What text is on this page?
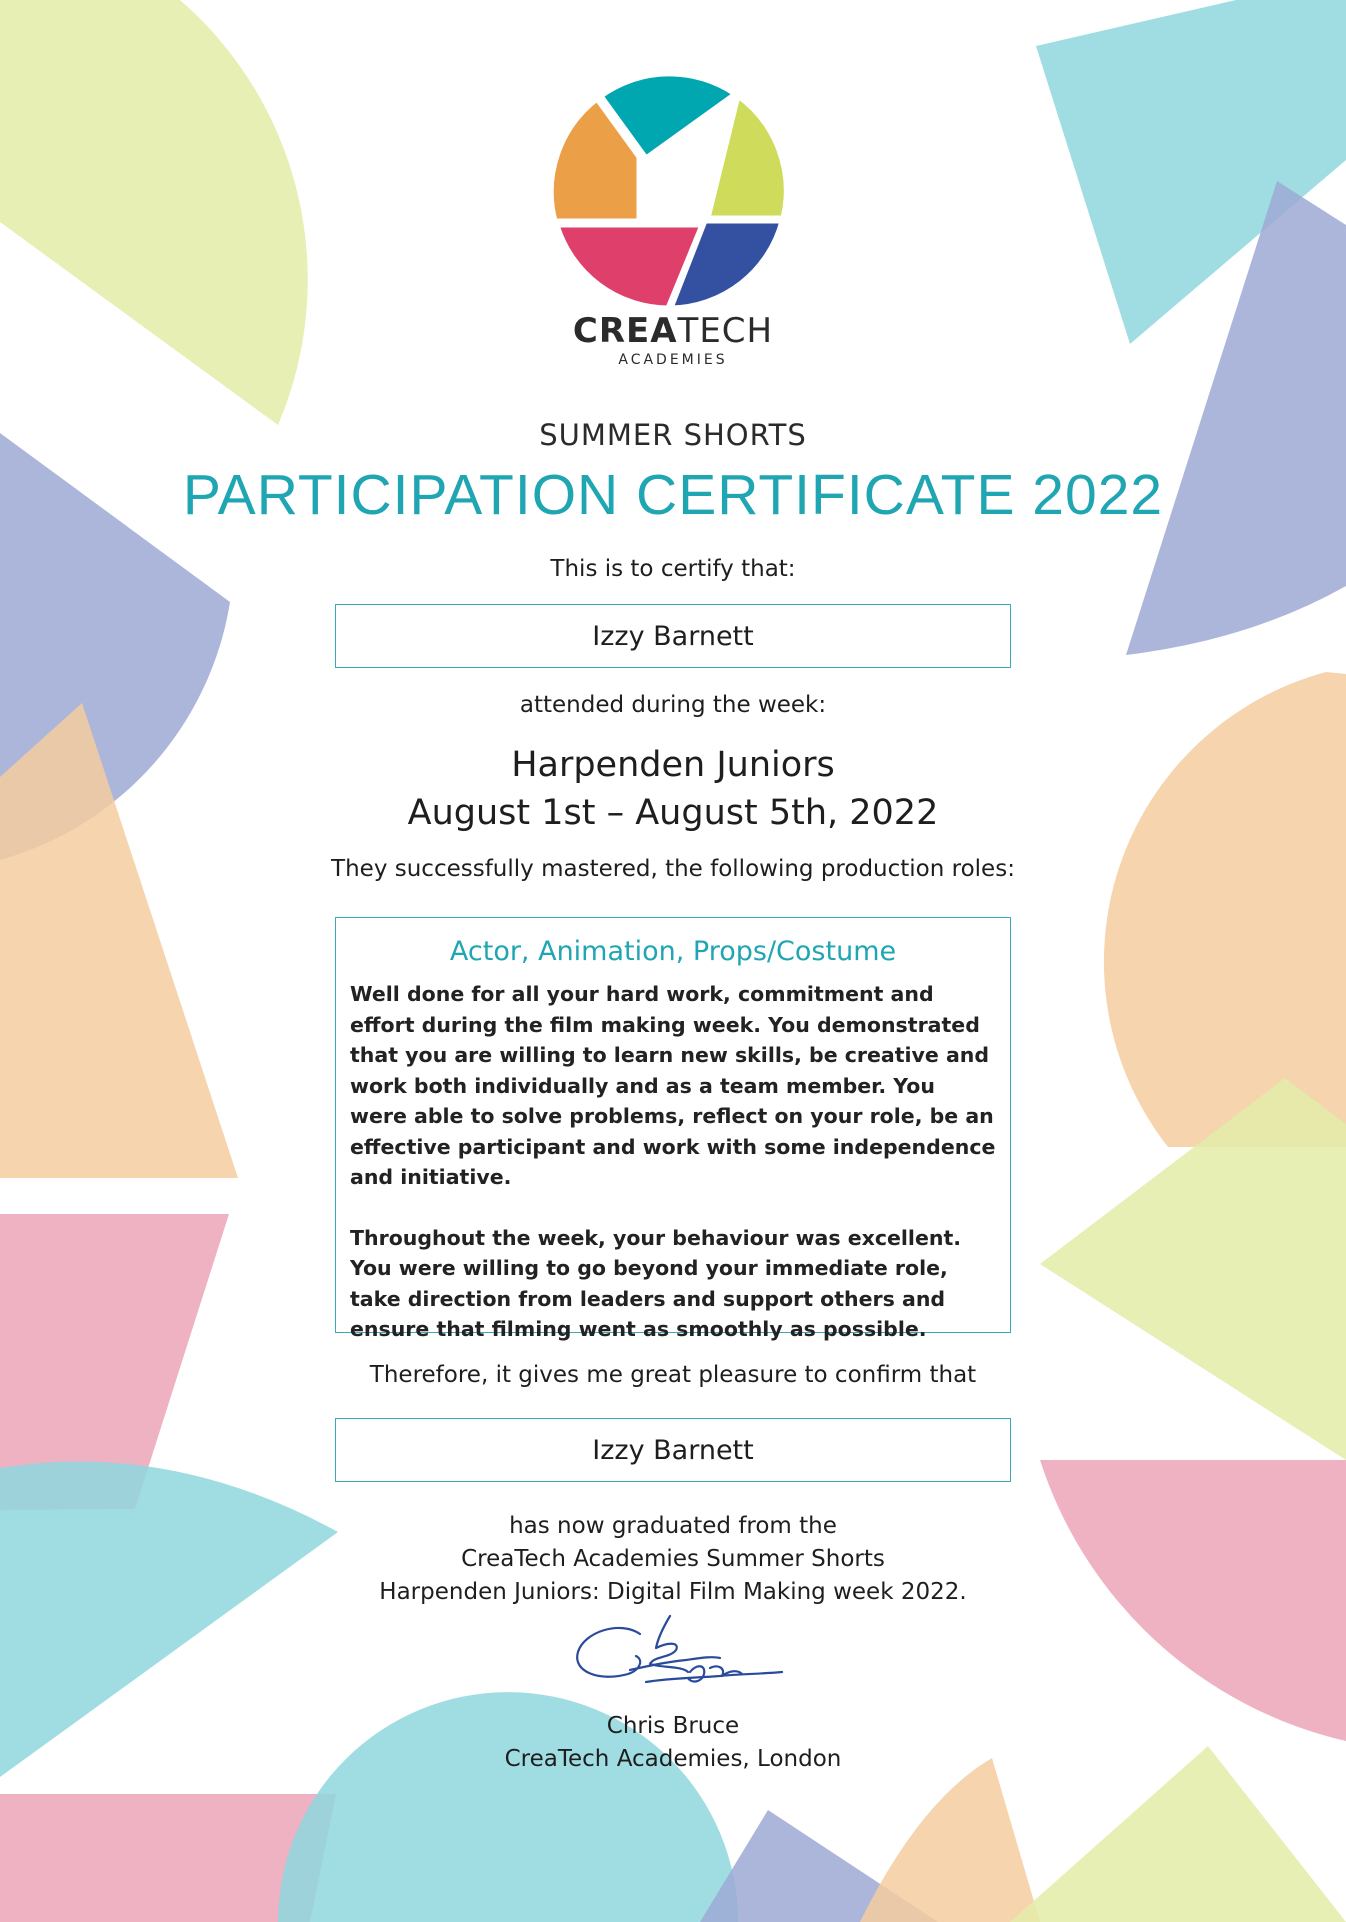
CREATECH
ACADEMIES
SUMMER SHORTS
PARTICIPATION CERTIFICATE 2022
This is to certify that:
Izzy Barnett
attended during the week:
Harpenden Juniors
August 1st – August 5th, 2022
They successfully mastered, the following production roles:

Actor, Animation, Props/Costume

Well done for all your hard work, commitment and effort during the film making week. You demonstrated that you are willing to learn new skills, be creative and work both individually and as a team member. You were able to solve problems, reflect on your role, be an effective participant and work with some independence and initiative.

Throughout the week, your behaviour was excellent. You were willing to go beyond your immediate role, take direction from leaders and support others and ensure that filming went as smoothly as possible.

Therefore, it gives me great pleasure to confirm that
Izzy Barnett
has now graduated from the
CreaTech Academies Summer Shorts
Harpenden Juniors: Digital Film Making week 2022.
Chris Bruce
CreaTech Academies, London
